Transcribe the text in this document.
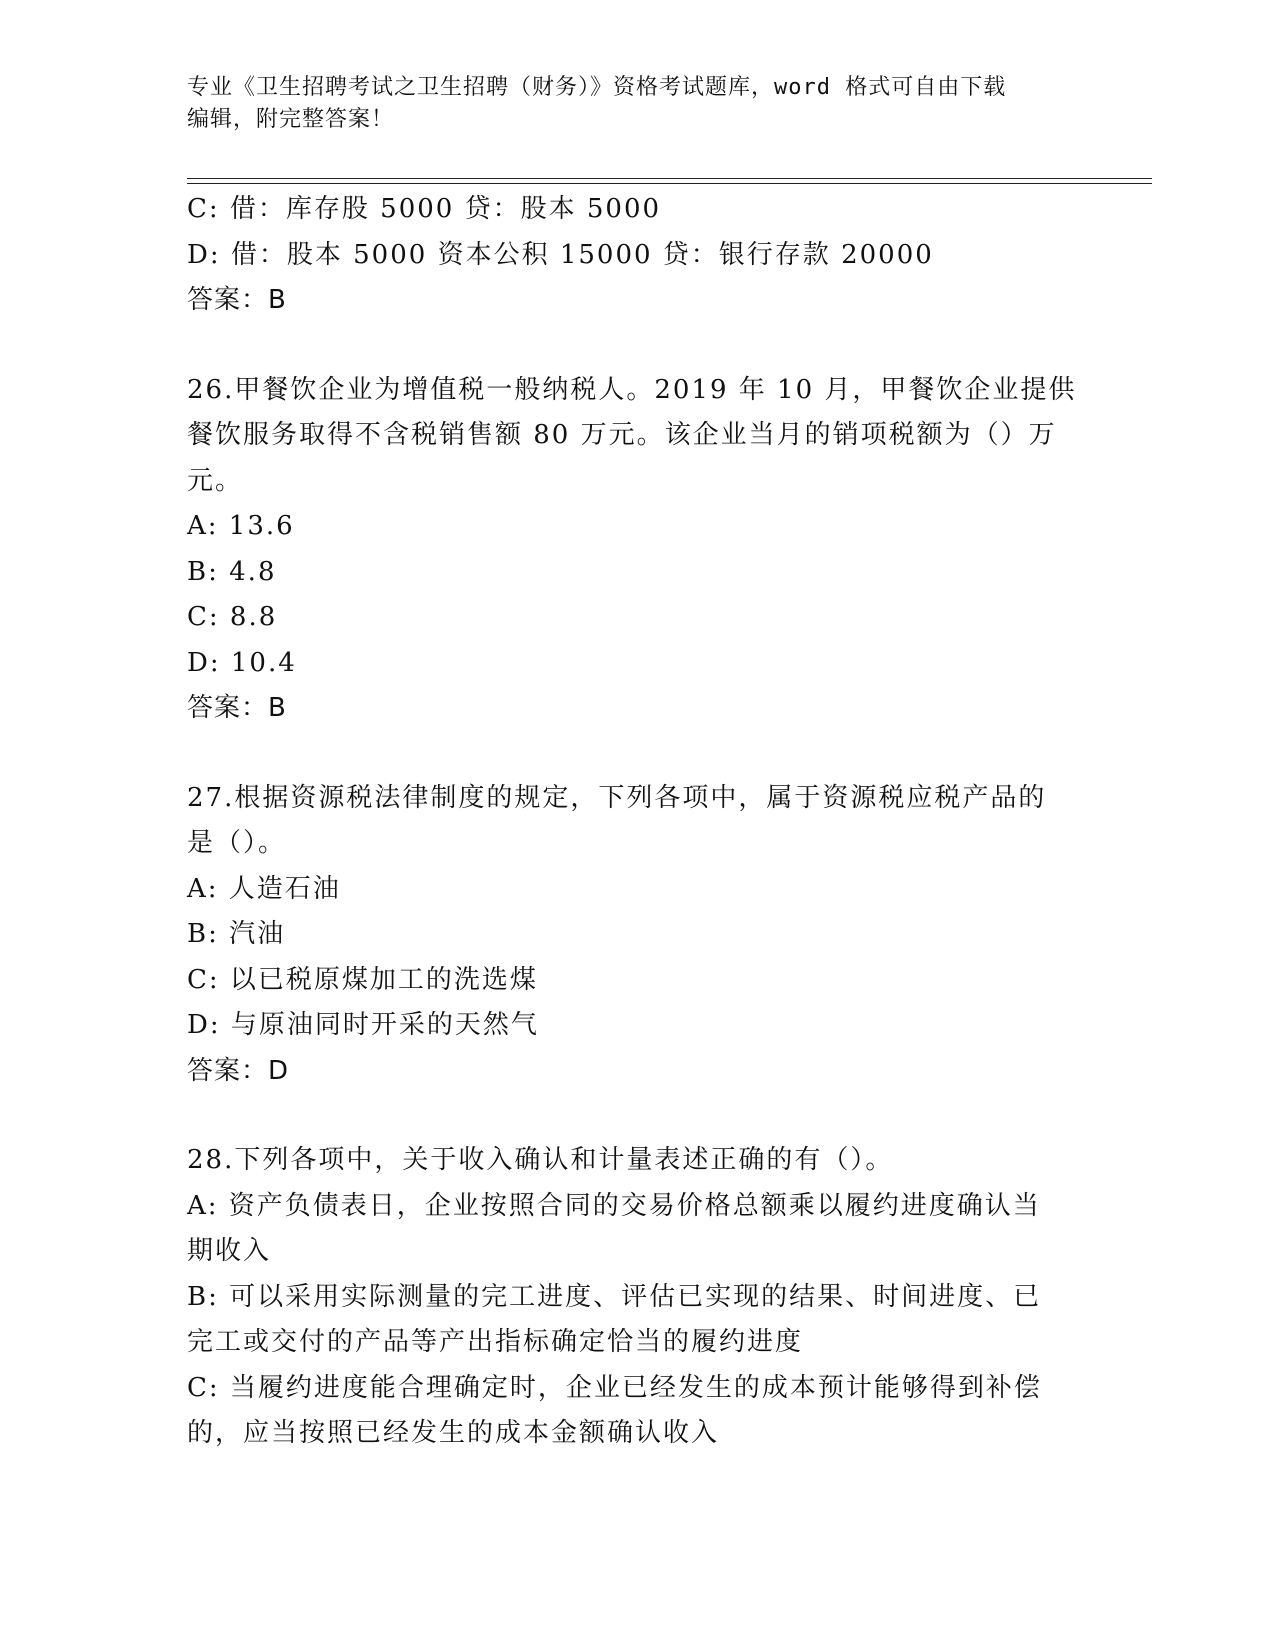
专业《卫生招聘考试之卫生招聘（财务）》资格考试题库，word 格式可自由下载
编辑，附完整答案！
C: 借：库存股 5000 贷：股本 5000
D: 借：股本 5000 资本公积 15000 贷：银行存款 20000
答案：B
26.甲餐饮企业为增值税一般纳税人。2019 年 10 月，甲餐饮企业提供
餐饮服务取得不含税销售额 80 万元。该企业当月的销项税额为（）万
元。
A: 13.6
B: 4.8
C: 8.8
D: 10.4
答案：B
27.根据资源税法律制度的规定，下列各项中，属于资源税应税产品的
是（）。
A: 人造石油
B: 汽油
C: 以已税原煤加工的洗选煤
D: 与原油同时开采的天然气
答案：D
28.下列各项中，关于收入确认和计量表述正确的有（）。
A: 资产负债表日，企业按照合同的交易价格总额乘以履约进度确认当
期收入
B: 可以采用实际测量的完工进度、评估已实现的结果、时间进度、已
完工或交付的产品等产出指标确定恰当的履约进度
C: 当履约进度能合理确定时，企业已经发生的成本预计能够得到补偿
的，应当按照已经发生的成本金额确认收入
